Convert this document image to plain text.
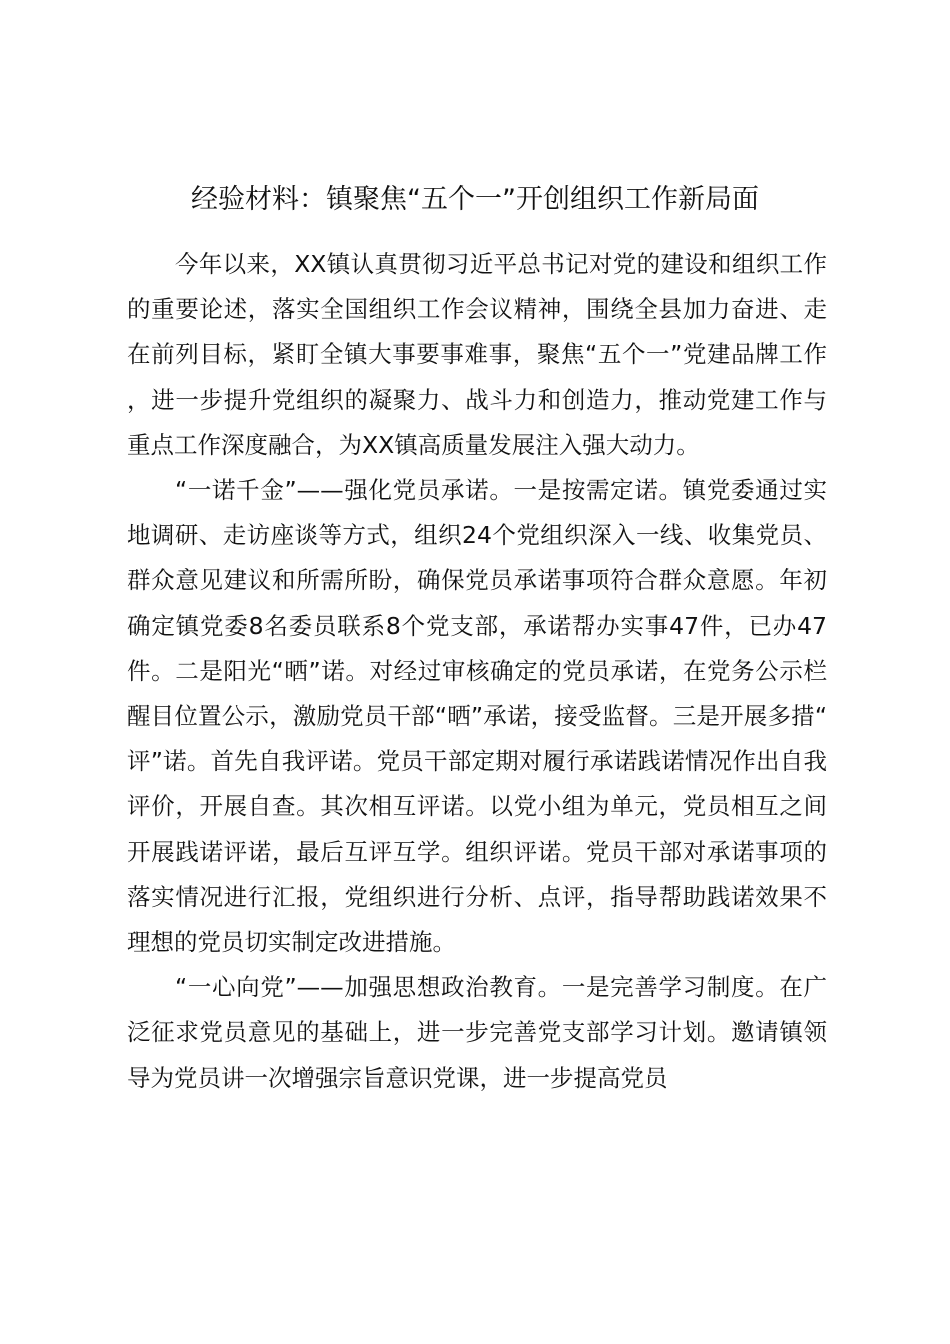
经验材料：镇聚焦“五个一”开创组织工作新局面

今年以来，XX镇认真贯彻习近平总书记对党的建设和组织工作的重要论述，落实全国组织工作会议精神，围绕全县加力奋进、走在前列目标，紧盯全镇大事要事难事，聚焦“五个一”党建品牌工作，进一步提升党组织的凝聚力、战斗力和创造力，推动党建工作与重点工作深度融合，为XX镇高质量发展注入强大动力。

“一诺千金”——强化党员承诺。一是按需定诺。镇党委通过实地调研、走访座谈等方式，组织24个党组织深入一线、收集党员、群众意见建议和所需所盼，确保党员承诺事项符合群众意愿。年初确定镇党委8名委员联系8个党支部，承诺帮办实事47件，已办47件。二是阳光“晒”诺。对经过审核确定的党员承诺，在党务公示栏醒目位置公示，激励党员干部“晒”承诺，接受监督。三是开展多措“评”诺。首先自我评诺。党员干部定期对履行承诺践诺情况作出自我评价，开展自查。其次相互评诺。以党小组为单元，党员相互之间开展践诺评诺，最后互评互学。组织评诺。党员干部对承诺事项的落实情况进行汇报，党组织进行分析、点评，指导帮助践诺效果不理想的党员切实制定改进措施。

“一心向党”——加强思想政治教育。一是完善学习制度。在广泛征求党员意见的基础上，进一步完善党支部学习计划。邀请镇领导为党员讲一次增强宗旨意识党课，进一步提高党员
